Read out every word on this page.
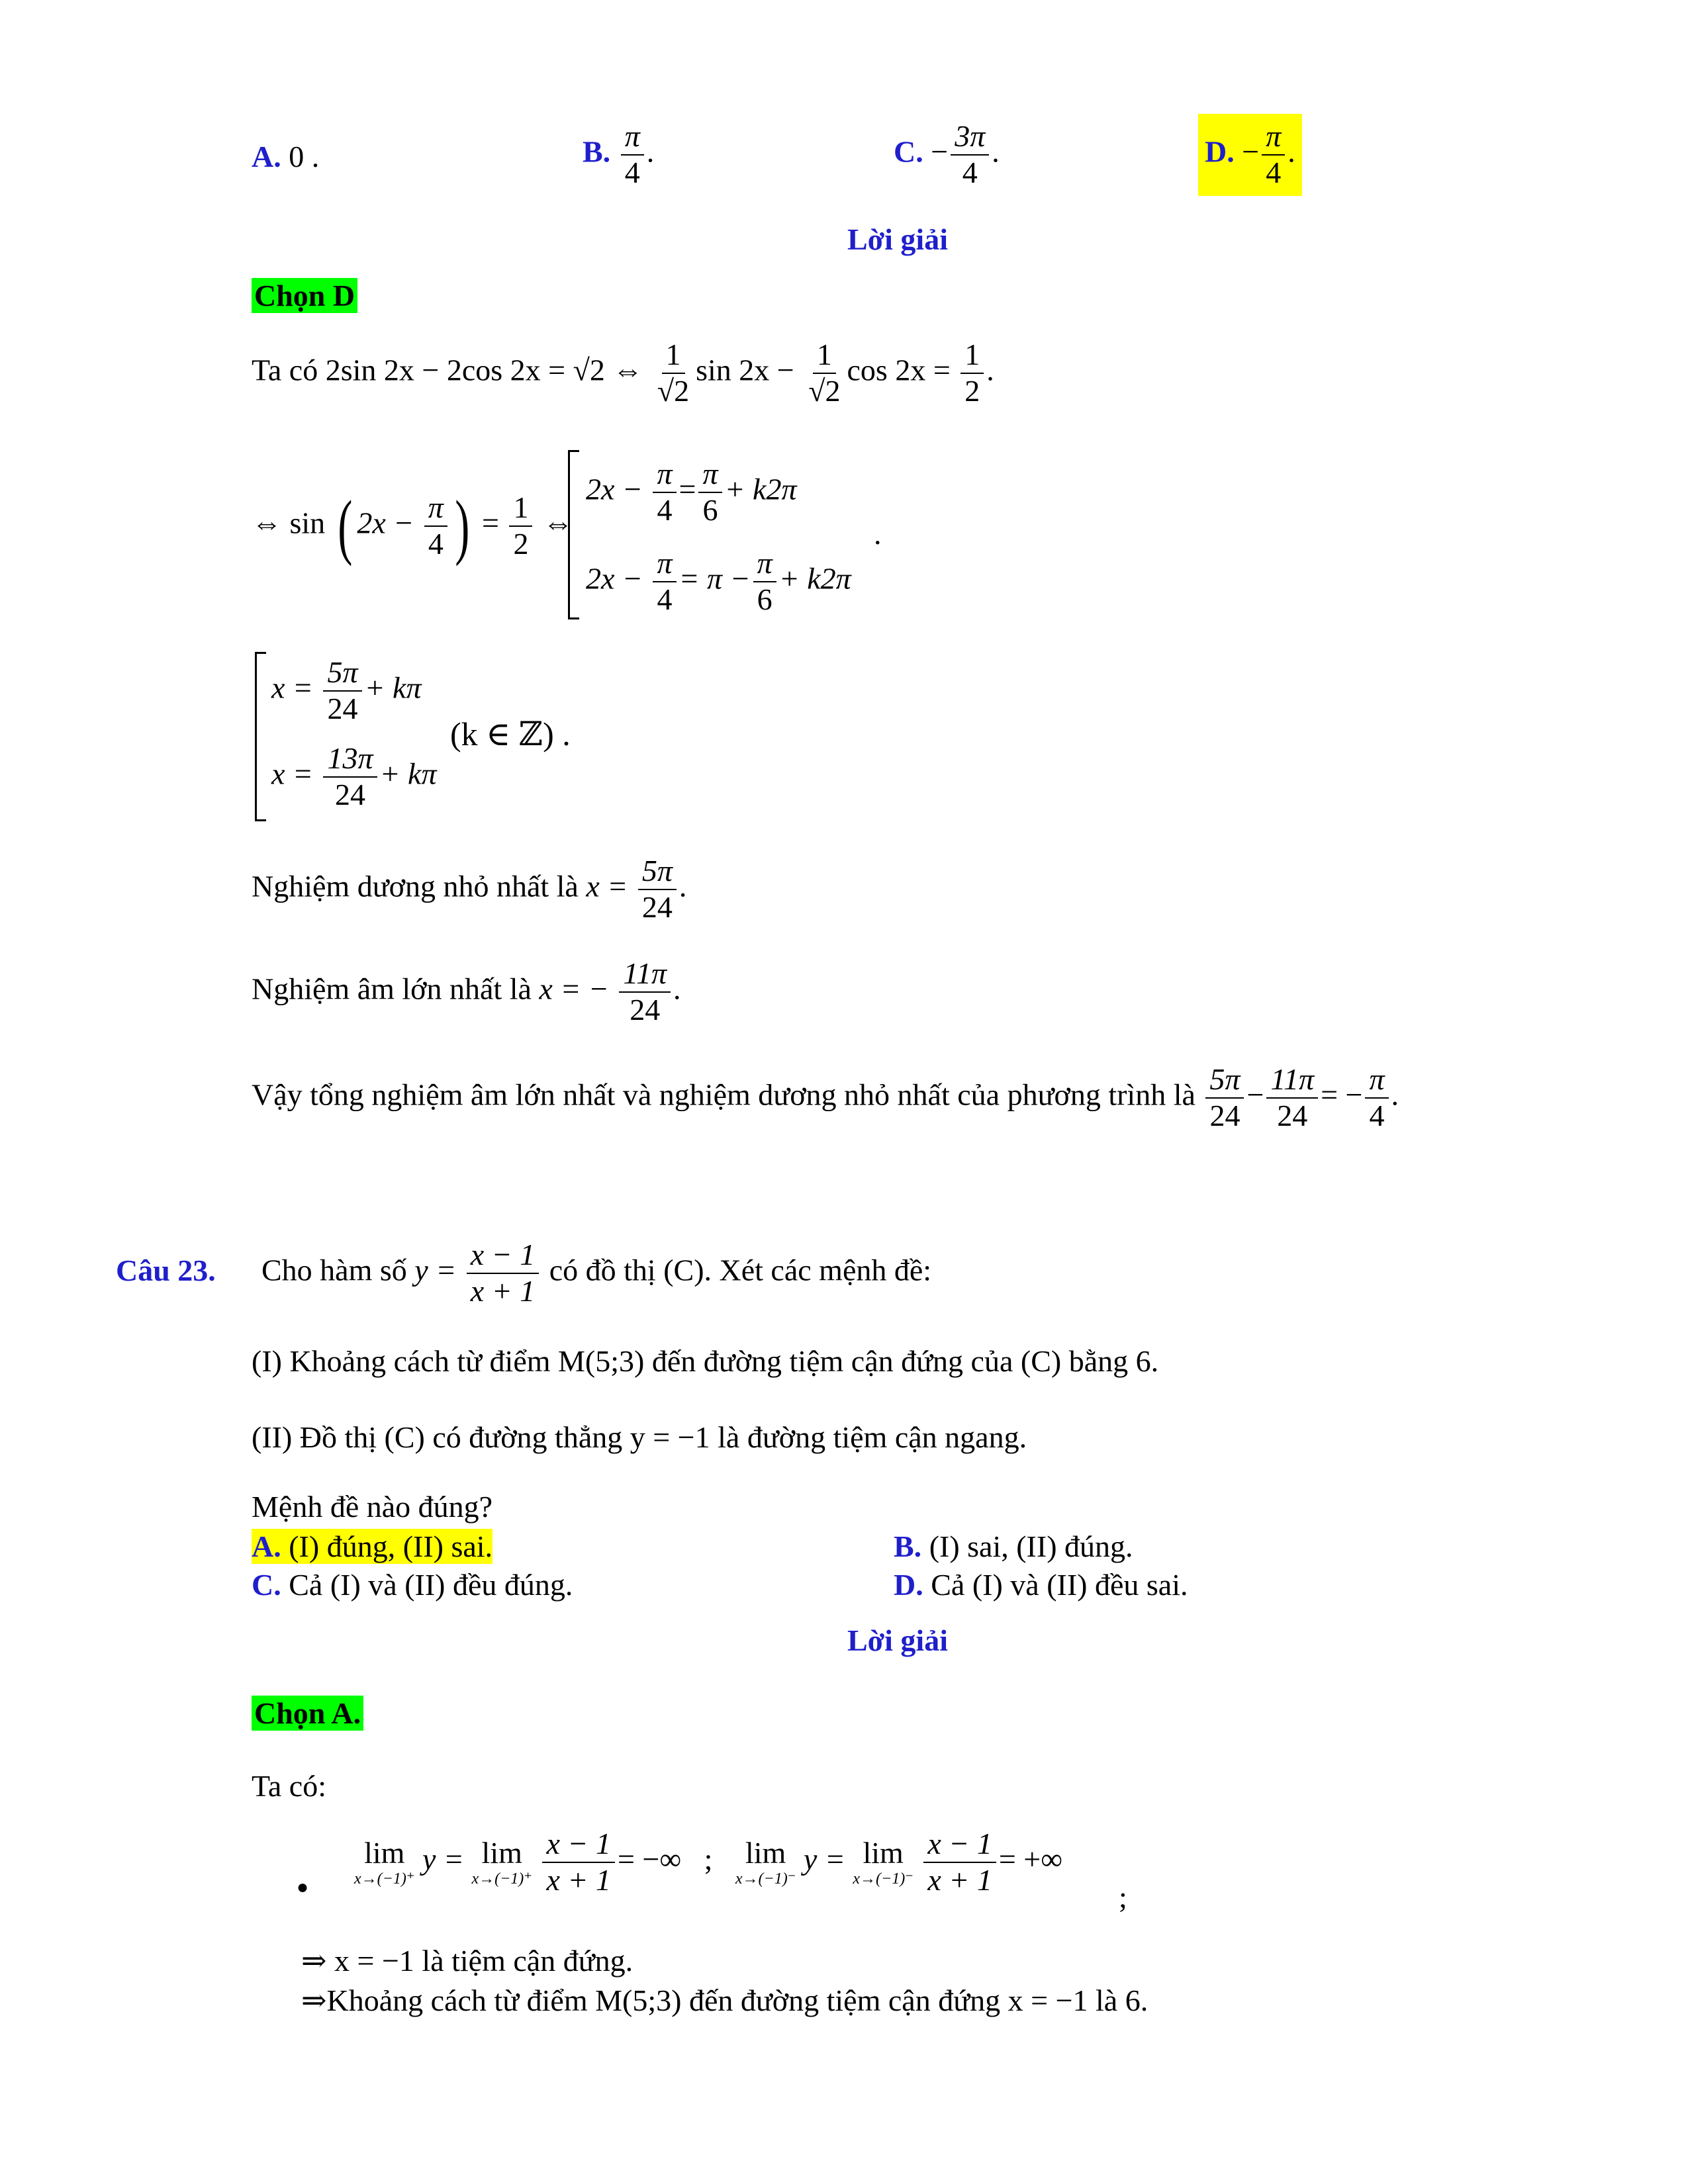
A. 0 .	B. $\frac{\pi}{4}$ .	C. − $\frac{3\pi}{4}$ .	D. − $\frac{\pi}{4}$ .
Lời giải
Chọn D
Ta có 2sin 2x − 2cos 2x = √2 ⇔ $\frac{1}{√2}$ $\sin 2x - \frac{1}{√2}$ $\cos 2x = \frac{1}{2}$ .
⇔ sin ( $2x - \frac{\pi}{4}$ ) = $\frac{1}{2}$ ⇔
$2x - \frac{\pi}{4} = \frac{\pi}{6} + k2\pi$
$2x - \frac{\pi}{4} = \pi - \frac{\pi}{6} + k2\pi$
.
$x = \frac{5\pi}{24} + k\pi$
$x = \frac{13\pi}{24} + k\pi$
(k ∈ ℤ) .
Nghiệm dương nhỏ nhất là $x = \frac{5\pi}{24}$ .
Nghiệm âm lớn nhất là x = − $\frac{11\pi}{24}$ .
Vậy tổng nghiệm âm lớn nhất và nghiệm dương nhỏ nhất của phương trình là $\frac{5\pi}{24} - \frac{11\pi}{24}$ = − $\frac{\pi}{4}$ .
Câu 23. Cho hàm số $y = \frac{x - 1}{x + 1}$ có đồ thị (C). Xét các mệnh đề:
(I) Khoảng cách từ điểm M(5;3) đến đường tiệm cận đứng của (C) bằng 6.
(II) Đồ thị (C) có đường thẳng y = −1 là đường tiệm cận ngang.
Mệnh đề nào đúng?
A. (I) đúng, (II) sai.	B. (I) sai, (II) đúng.
C. Cả (I) và (II) đều đúng.	D. Cả (I) và (II) đều sai.
Lời giải
Chọn A.
Ta có:
●
lim
x→(−1)⁺
y = lim
x→(−1)⁺
$\frac{x - 1}{x + 1}$ = −∞ ; lim
x→(−1)⁻
y = lim
x→(−1)⁻
$\frac{x - 1}{x + 1}$ = +∞
;
⇒ x = −1 là tiệm cận đứng.
⇒Khoảng cách từ điểm M(5;3) đến đường tiệm cận đứng x = −1 là 6.
